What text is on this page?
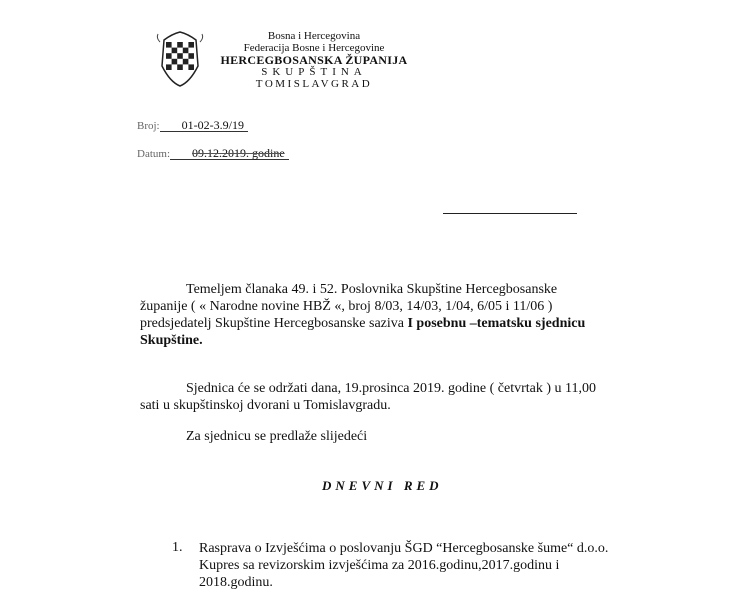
Bosna i Hercegovina
Federacija Bosne i Hercegovine
HERCEGBOSANSKA ŽUPANIJA
SKUPŠTINA
TOMISLAVGRAD
Broj: 01-02-3.9/19
Datum: 09.12.2019. godine
Temeljem članaka 49. i 52. Poslovnika Skupštine Hercegbosanske
županije ( « Narodne novine HBŽ «, broj 8/03, 14/03, 1/04, 6/05 i 11/06 )
predsjedatelj Skupštine Hercegbosanske saziva I posebnu –tematsku sjednicu
Skupštine.
Sjednica će se održati dana, 19.prosinca 2019. godine ( četvrtak ) u 11,00
sati u skupštinskoj dvorani u Tomislavgradu.
Za sjednicu se predlaže slijedeći
DNEVNI RED
1. Rasprava o Izvješćima o poslovanju ŠGD “Hercegbosanske šume“ d.o.o.
Kupres sa revizorskim izvješćima za 2016.godinu,2017.godinu i
2018.godinu.
